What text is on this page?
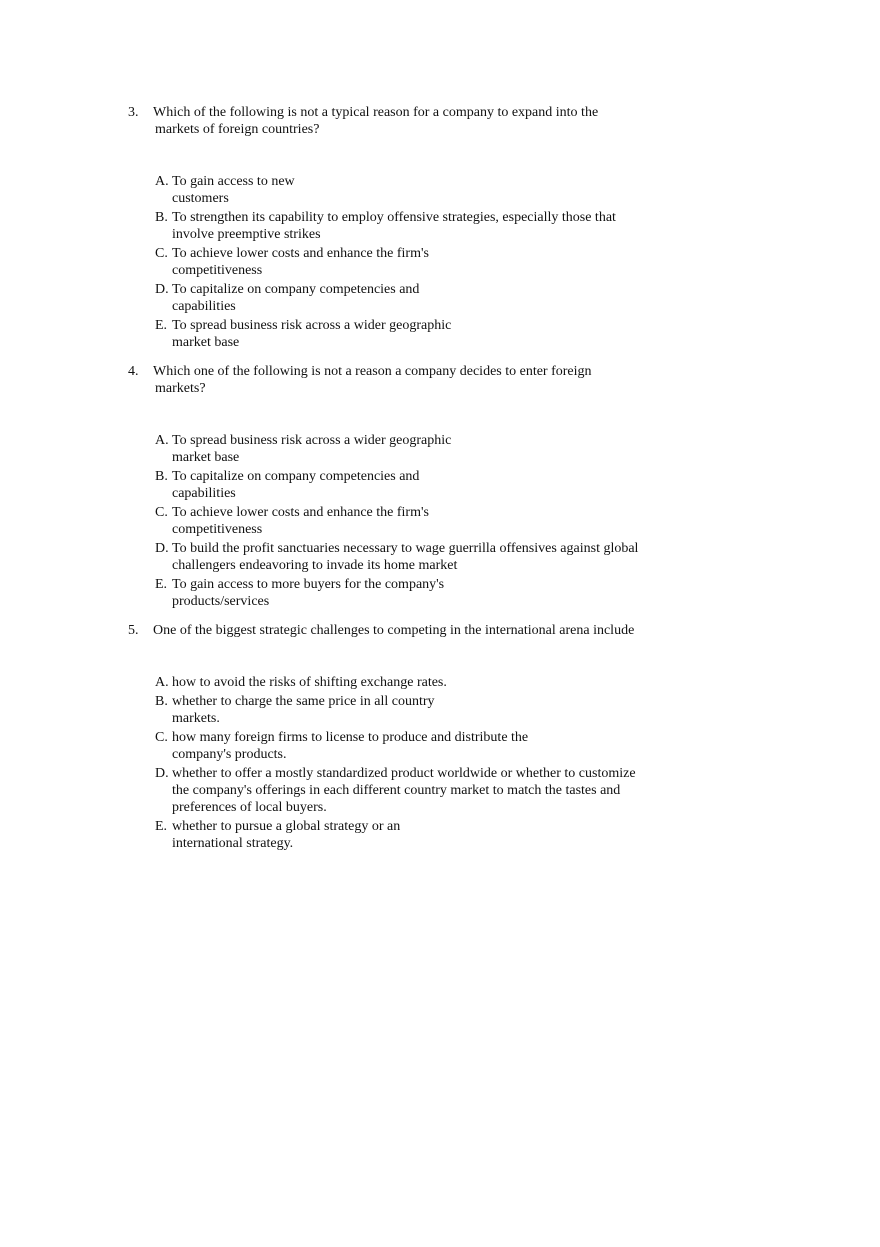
3.	Which of the following is not a typical reason for a company to expand into the markets of foreign countries?
A. To gain access to new customers
B. To strengthen its capability to employ offensive strategies, especially those that involve preemptive strikes
C. To achieve lower costs and enhance the firm's competitiveness
D. To capitalize on company competencies and capabilities
E. To spread business risk across a wider geographic market base
4.	Which one of the following is not a reason a company decides to enter foreign markets?
A. To spread business risk across a wider geographic market base
B. To capitalize on company competencies and capabilities
C. To achieve lower costs and enhance the firm's competitiveness
D. To build the profit sanctuaries necessary to wage guerrilla offensives against global challengers endeavoring to invade its home market
E. To gain access to more buyers for the company's products/services
5.	One of the biggest strategic challenges to competing in the international arena include
A. how to avoid the risks of shifting exchange rates.
B. whether to charge the same price in all country markets.
C. how many foreign firms to license to produce and distribute the company's products.
D. whether to offer a mostly standardized product worldwide or whether to customize the company's offerings in each different country market to match the tastes and preferences of local buyers.
E. whether to pursue a global strategy or an international strategy.
